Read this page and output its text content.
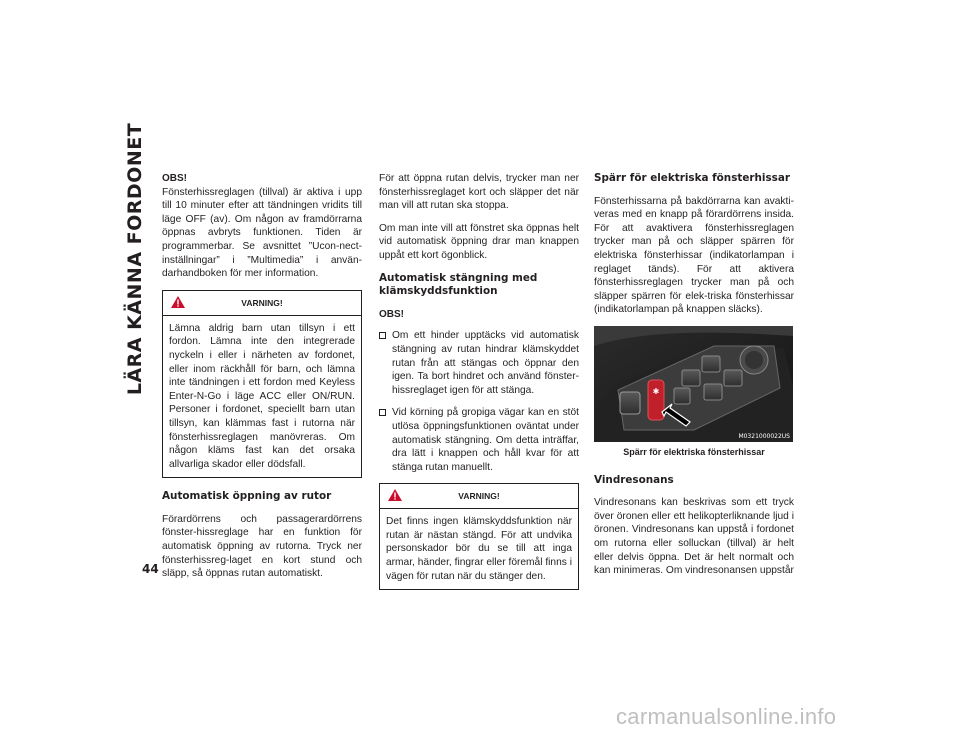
LÄRA KÄNNA FORDONET
44
OBS!

Fönsterhissreglagen (tillval) är aktiva i upp till 10 minuter efter att tändningen vridits till läge OFF (av). Om någon av framdörrarna öppnas avbryts funktionen. Tiden är programmerbar. Se avsnittet ”Ucon-nect-inställningar” i ”Multimedia” i använ-darhandboken för mer information.

VARNING!
Lämna aldrig barn utan tillsyn i ett fordon. Lämna inte den integrerade nyckeln i eller i närheten av fordonet, eller inom räckhåll för barn, och lämna inte tändningen i ett fordon med Keyless Enter-N-Go i läge ACC eller ON/RUN. Personer i fordonet, speciellt barn utan tillsyn, kan klämmas fast i rutorna när fönsterhissreglagen manövreras. Om någon kläms fast kan det orsaka allvarliga skador eller dödsfall.
Automatisk öppning av rutor

Förardörrens och passagerardörrens fönster-hissreglage har en funktion för automatisk öppning av rutorna. Tryck ner fönsterhissreg-laget en kort stund och släpp, så öppnas rutan automatiskt.

För att öppna rutan delvis, trycker man ner fönsterhissreglaget kort och släpper det när man vill att rutan ska stoppa.

Om man inte vill att fönstret ska öppnas helt vid automatisk öppning drar man knappen uppåt ett kort ögonblick.

Automatisk stängning med klämskyddsfunktion
OBS!
Om ett hinder upptäcks vid automatisk stängning av rutan hindrar klämskyddet rutan från att stängas och öppnar den igen. Ta bort hindret och använd fönster-hissreglaget igen för att stänga.
Vid körning på gropiga vägar kan en stöt utlösa öppningsfunktionen oväntat under automatisk stängning. Om detta inträffar, dra lätt i knappen och håll kvar för att stänga rutan manuellt.
VARNING!
Det finns ingen klämskyddsfunktion när rutan är nästan stängd. För att undvika personskador bör du se till att inga armar, händer, fingrar eller föremål finns i vägen för rutan när du stänger den.
Spärr för elektriska fönsterhissar

Fönsterhissarna på bakdörrarna kan avakti-veras med en knapp på förardörrens insida. För att avaktivera fönsterhissreglagen trycker man på och släpper spärren för elektriska fönsterhissar (indikatorlampan i reglaget tänds). För att aktivera fönsterhissreglagen trycker man på och släpper spärren för elek-triska fönsterhissar (indikatorlampan på knappen släcks).

✱
M0321000022US
Spärr för elektriska fönsterhissar
Vindresonans

Vindresonans kan beskrivas som ett tryck över öronen eller ett helikopterliknande ljud i öronen. Vindresonans kan uppstå i fordonet om rutorna eller solluckan (tillval) är helt eller delvis öppna. Det är helt normalt och kan minimeras. Om vindresonansen uppstår

carmanualsonline.info
